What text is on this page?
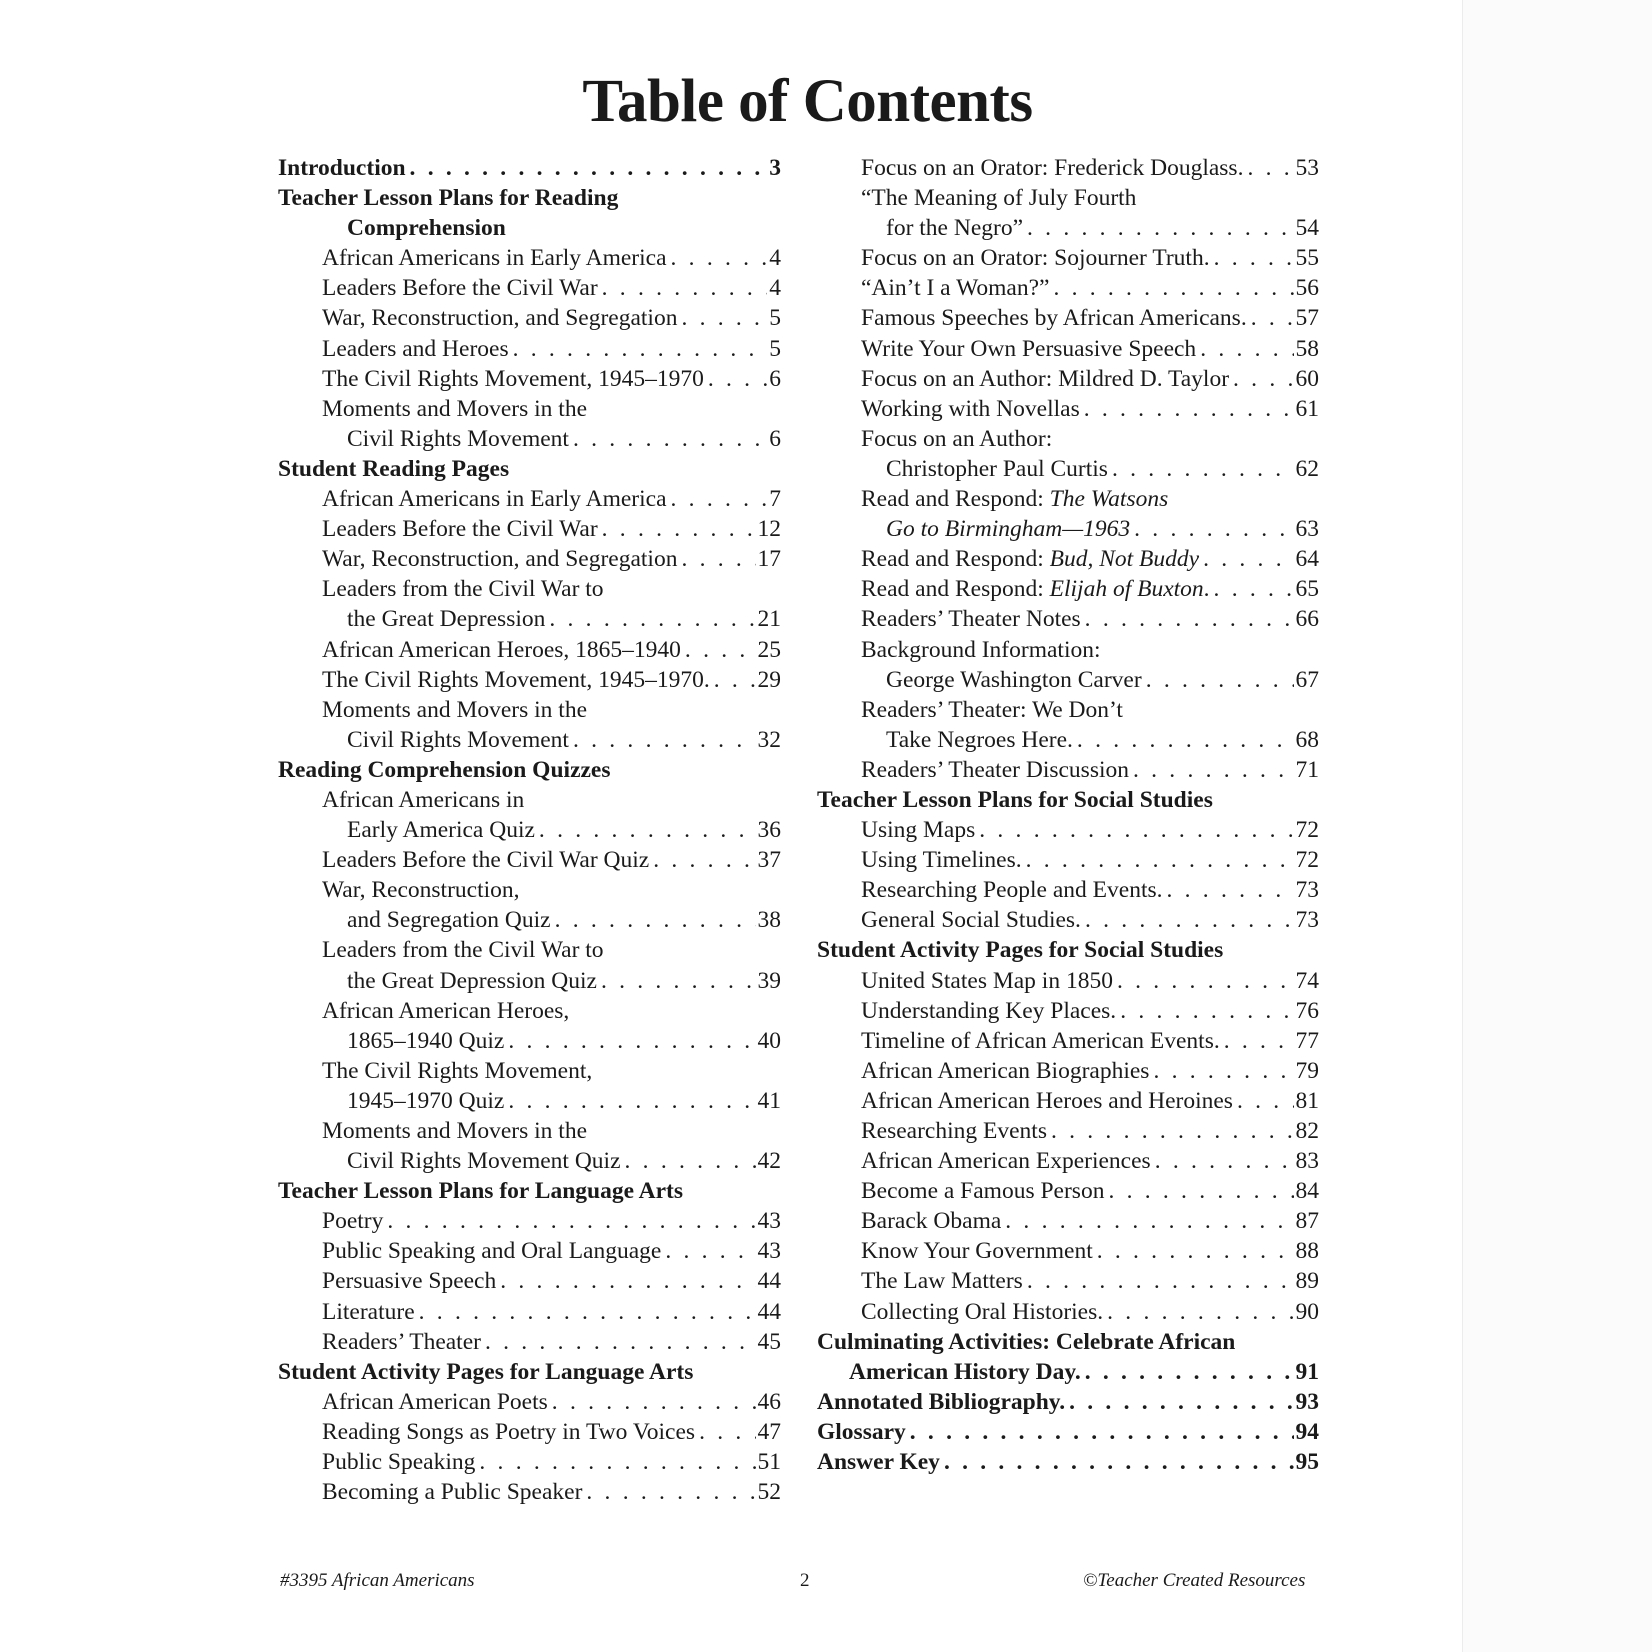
Table of Contents
Introduction . . .	3
Teacher Lesson Plans for Reading
Comprehension
African Americans in Early America . . .	4
Leaders Before the Civil War . . .	4
War, Reconstruction, and Segregation . . .	5
Leaders and Heroes . . .	5
The Civil Rights Movement, 1945–1970 . . .	6
Moments and Movers in the
Civil Rights Movement . . .	6
Student Reading Pages
African Americans in Early America . . .	7
Leaders Before the Civil War . . .	12
War, Reconstruction, and Segregation . . .	17
Leaders from the Civil War to
the Great Depression . . .	21
African American Heroes, 1865–1940 . . .	25
The Civil Rights Movement, 1945–1970. . . . 29
Moments and Movers in the
Civil Rights Movement . . .	32
Reading Comprehension Quizzes
African Americans in
Early America Quiz . . .	36
Leaders Before the Civil War Quiz . . .	37
War, Reconstruction,
and Segregation Quiz . . .	38
Leaders from the Civil War to
the Great Depression Quiz . . .	39
African American Heroes,
1865–1940 Quiz . . .	40
The Civil Rights Movement,
1945–1970 Quiz . . .	41
Moments and Movers in the
Civil Rights Movement Quiz . . .	42
Teacher Lesson Plans for Language Arts
Poetry . . .	43
Public Speaking and Oral Language . . .	43
Persuasive Speech . . .	44
Literature . . .	44
Readers’ Theater . . .	45
Student Activity Pages for Language Arts
African American Poets . . .	46
Reading Songs as Poetry in Two Voices . . .	47
Public Speaking . . .	51
Becoming a Public Speaker . . .	52
Focus on an Orator: Frederick Douglass. . . . 53
“The Meaning of July Fourth
for the Negro” . . .	54
Focus on an Orator: Sojourner Truth. . . .	55
“Ain’t I a Woman?” . . .	56
Famous Speeches by African Americans. . . . 57
Write Your Own Persuasive Speech . . .	58
Focus on an Author: Mildred D. Taylor . . .	60
Working with Novellas . . .	61
Focus on an Author:
Christopher Paul Curtis . . .	62
Read and Respond: The Watsons
Go to Birmingham—1963 . . .	63
Read and Respond: Bud, Not Buddy . . .	64
Read and Respond: Elijah of Buxton. . . .	65
Readers’ Theater Notes . . .	66
Background Information:
George Washington Carver . . .	67
Readers’ Theater: We Don’t
Take Negroes Here. . . .	68
Readers’ Theater Discussion . . .	71
Teacher Lesson Plans for Social Studies
Using Maps . . .	72
Using Timelines. . . .	72
Researching People and Events. . . .	73
General Social Studies. . . .	73
Student Activity Pages for Social Studies
United States Map in 1850 . . .	74
Understanding Key Places. . . .	76
Timeline of African American Events. . . .	77
African American Biographies . . .	79
African American Heroes and Heroines . . .	81
Researching Events . . .	82
African American Experiences . . .	83
Become a Famous Person . . .	84
Barack Obama . . .	87
Know Your Government . . .	88
The Law Matters . . .	89
Collecting Oral Histories. . . .	90
Culminating Activities: Celebrate African
American History Day. . . .	91
Annotated Bibliography. . . .	93
Glossary . . .	94
Answer Key . . .	95
#3395 African Americans	2	©Teacher Created Resources
